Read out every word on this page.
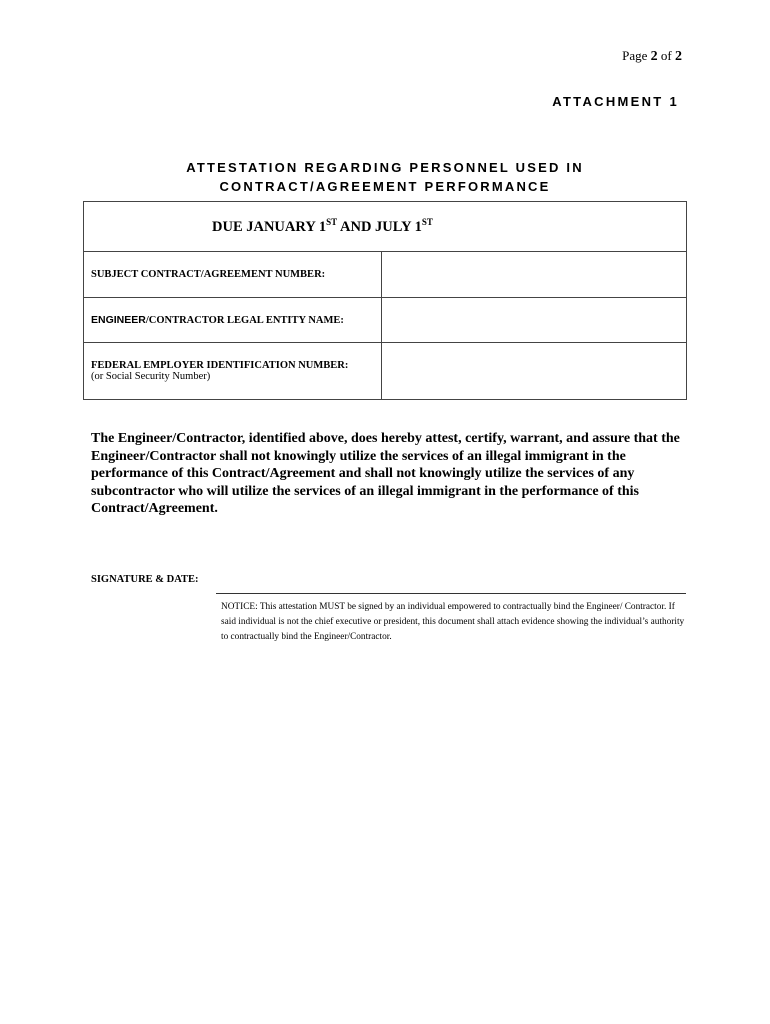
Page 2 of 2
ATTACHMENT 1
ATTESTATION REGARDING PERSONNEL USED IN
CONTRACT/AGREEMENT PERFORMANCE
DUE JANUARY 1ST AND JULY 1ST
SUBJECT CONTRACT/AGREEMENT NUMBER:	
ENGINEER/CONTRACTOR LEGAL ENTITY NAME:	
FEDERAL EMPLOYER IDENTIFICATION NUMBER:
(or Social Security Number)	

The Engineer/Contractor, identified above, does hereby attest, certify, warrant, and assure that the Engineer/Contractor shall not knowingly utilize the services of an illegal immigrant in the performance of this Contract/Agreement and shall not knowingly utilize the services of any subcontractor who will utilize the services of an illegal immigrant in the performance of this Contract/Agreement.
SIGNATURE & DATE:
NOTICE: This attestation MUST be signed by an individual empowered to contractually bind the Engineer/ Contractor. If said individual is not the chief executive or president, this document shall attach evidence showing the individual’s authority to contractually bind the Engineer/Contractor.
